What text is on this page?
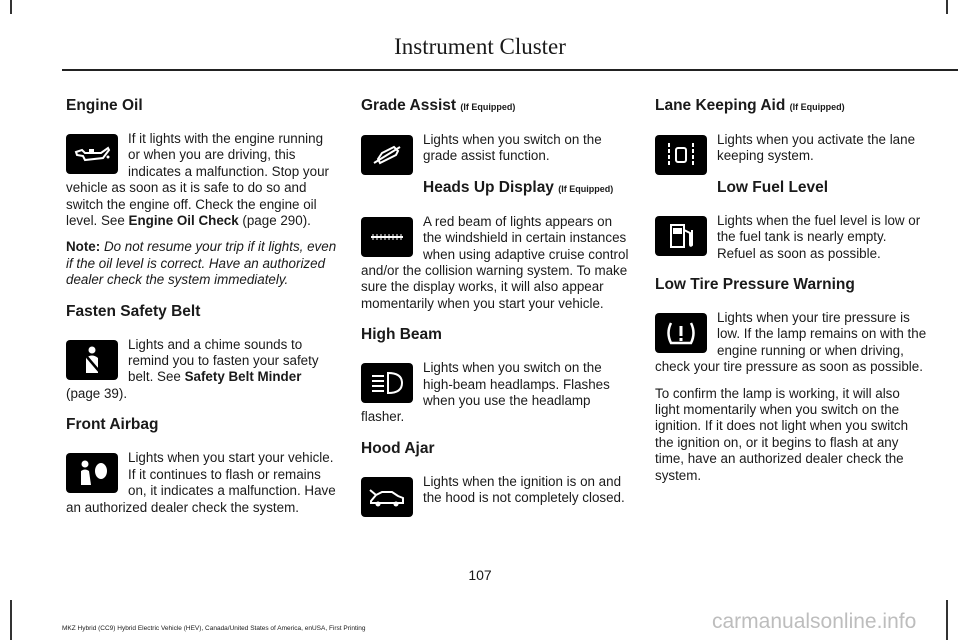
Instrument Cluster
Engine Oil

If it lights with the engine running or when you are driving, this indicates a malfunction. Stop your vehicle as soon as it is safe to do so and switch the engine off. Check the engine oil level. See Engine Oil Check (page 290).

Note: Do not resume your trip if it lights, even if the oil level is correct. Have an authorized dealer check the system immediately.

Fasten Safety Belt

Lights and a chime sounds to remind you to fasten your safety belt. See Safety Belt Minder (page 39).

Front Airbag

Lights when you start your vehicle. If it continues to flash or remains on, it indicates a malfunction. Have an authorized dealer check the system.

Grade Assist (If Equipped)

Lights when you switch on the grade assist function.

Heads Up Display (If Equipped)

A red beam of lights appears on the windshield in certain instances when using adaptive cruise control and/or the collision warning system. To make sure the display works, it will also appear momentarily when you start your vehicle.

High Beam

Lights when you switch on the high-beam headlamps. Flashes when you use the headlamp flasher.

Hood Ajar

Lights when the ignition is on and the hood is not completely closed.

Lane Keeping Aid (If Equipped)

Lights when you activate the lane keeping system.

Low Fuel Level

Lights when the fuel level is low or the fuel tank is nearly empty. Refuel as soon as possible.

Low Tire Pressure Warning

Lights when your tire pressure is low. If the lamp remains on with the engine running or when driving, check your tire pressure as soon as possible.

To confirm the lamp is working, it will also light momentarily when you switch on the ignition. If it does not light when you switch the ignition on, or it begins to flash at any time, have an authorized dealer check the system.

107
MKZ Hybrid (CC9) Hybrid Electric Vehicle (HEV), Canada/United States of America, enUSA, First Printing	carmanualsonline.info
